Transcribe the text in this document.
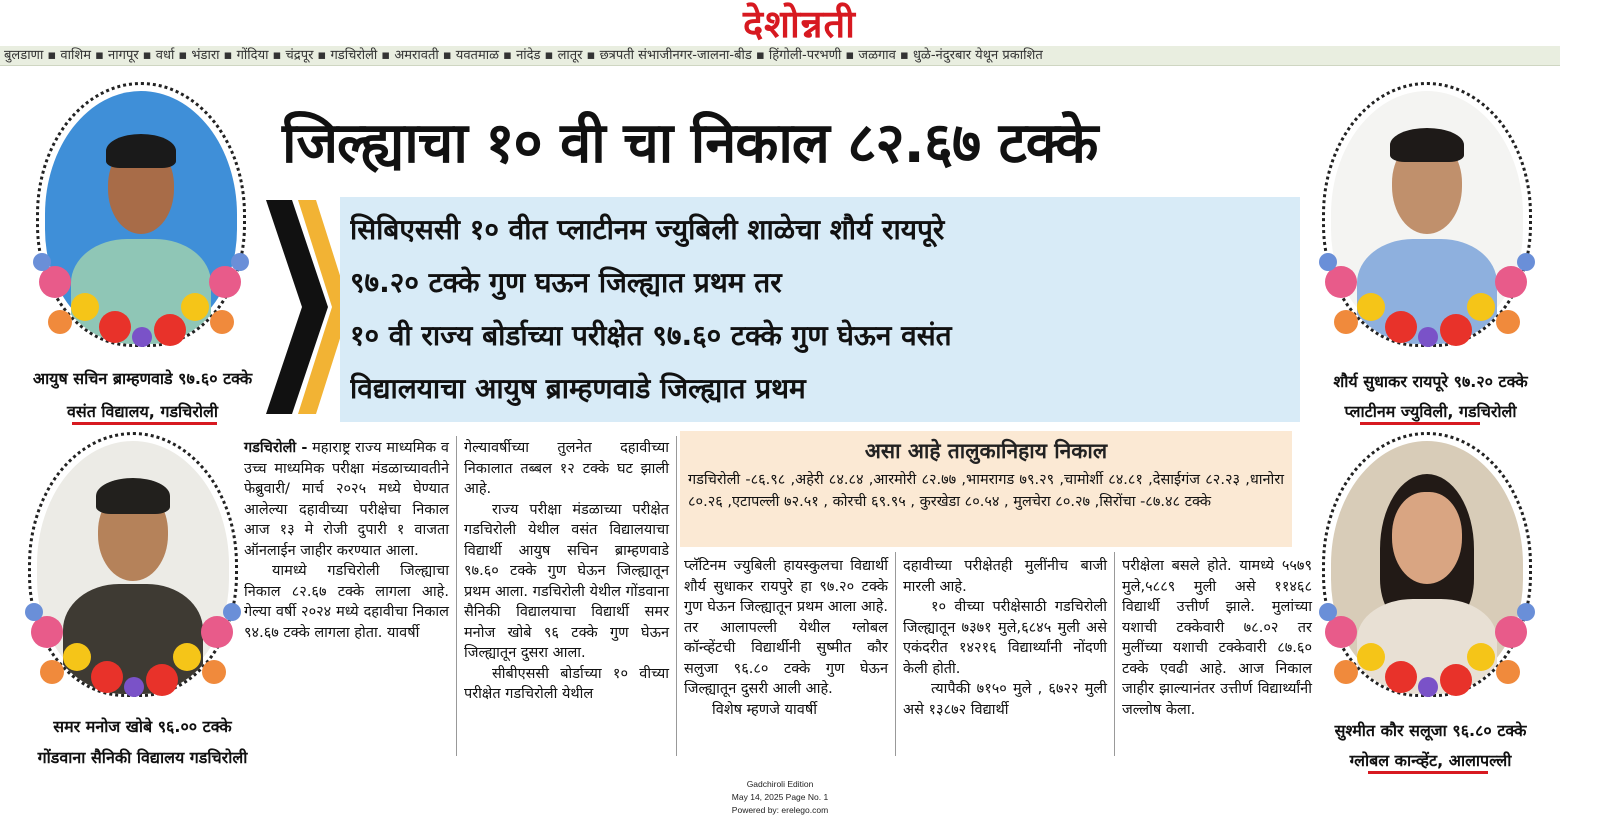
देशोन्नती
बुलडाणा ▪ वाशिम ▪ नागपूर ▪ वर्धा ▪ भंडारा ▪ गोंदिया ▪ चंद्रपूर ▪ गडचिरोली ▪ अमरावती ▪ यवतमाळ ▪ नांदेड ▪ लातूर ▪ छत्रपती संभाजीनगर-जालना-बीड ▪ हिंगोली-परभणी ▪ जळगाव ▪ धुळे-नंदुरबार येथून प्रकाशित
जिल्ह्याचा १० वी चा निकाल ८२.६७ टक्के
सिबिएससी १० वीत प्लाटीनम ज्युबिली शाळेचा शौर्य रायपूरे
९७.२० टक्के गुण घऊन जिल्ह्यात प्रथम तर
१० वी राज्य बोर्डाच्या परीक्षेत ९७.६० टक्के गुण घेऊन वसंत
विद्यालयाचा आयुष ब्राम्हणवाडे जिल्ह्यात प्रथम
आयुष सचिन ब्राम्हणवाडे ९७.६० टक्के
वसंत विद्यालय, गडचिरोली
समर मनोज खोबे ९६.०० टक्के
गोंडवाना सैनिकी विद्यालय गडचिरोली
शौर्य सुधाकर रायपूरे ९७.२० टक्के
प्लाटीनम ज्युविली, गडचिरोली
सुश्मीत कौर सलूजा ९६.८० टक्के
ग्लोबल कान्व्हेंट, आलापल्ली

गडचिरोली - महाराष्ट्र राज्य माध्यमिक व उच्च माध्यमिक परीक्षा मंडळाच्यावतीने फेब्रुवारी/ मार्च २०२५ मध्ये घेण्यात आलेल्या दहावीच्या परीक्षेचा निकाल आज १३ मे रोजी दुपारी १ वाजता ऑनलाईन जाहीर करण्यात आला.

यामध्ये गडचिरोली जिल्ह्याचा निकाल ८२.६७ टक्के लागला आहे. गेल्या वर्षी २०२४ मध्ये दहावीचा निकाल ९४.६७ टक्के लागला होता. यावर्षी

गेल्यावर्षीच्या तुलनेत दहावीच्या निकालात तब्बल १२ टक्के घट झाली आहे.

राज्य परीक्षा मंडळाच्या परीक्षेत गडचिरोली येथील वसंत विद्यालयाचा विद्यार्थी आयुष सचिन ब्राम्हणवाडे ९७.६० टक्के गुण घेऊन जिल्ह्यातून प्रथम आला. गडचिरोली येथील गोंडवाना सैनिकी विद्यालयाचा विद्यार्थी समर मनोज खोबे ९६ टक्के गुण घेऊन जिल्ह्यातून दुसरा आला.

सीबीएससी बोर्डाच्या १० वीच्या परीक्षेत गडचिरोली येथील

प्लॅटिनम ज्युबिली हायस्कुलचा विद्यार्थी शौर्य सुधाकर रायपुरे हा ९७.२० टक्के गुण घेऊन जिल्ह्यातून प्रथम आला आहे. तर आलापल्ली येथील ग्लोबल कॉन्व्हेंटची विद्यार्थीनी सुष्मीत कौर सलुजा ९६.८० टक्के गुण घेऊन जिल्ह्यातून दुसरी आली आहे.

विशेष म्हणजे यावर्षी

दहावीच्या परीक्षेतही मुलींनीच बाजी मारली आहे.

१० वीच्या परीक्षेसाठी गडचिरोली जिल्ह्यातून ७३७१ मुले,६८४५ मुली असे एकंदरीत १४२१६ विद्यार्थ्यांनी नोंदणी केली होती.

त्यापैकी ७१५० मुले , ६७२२ मुली असे १३८७२ विद्यार्थी

परीक्षेला बसले होते. यामध्ये ५५७९ मुले,५८८९ मुली असे ११४६८ विद्यार्थी उत्तीर्ण झाले. मुलांच्या यशाची टक्केवारी ७८.०२ तर मुलींच्या यशाची टक्केवारी ८७.६० टक्के एवढी आहे. आज निकाल जाहीर झाल्यानंतर उत्तीर्ण विद्यार्थ्यांनी जल्लोष केला.

असा आहे तालुकानिहाय निकाल
गडचिरोली -८६.९८ ,अहेरी ८४.८४ ,आरमोरी ८२.७७ ,भामरागड ७९.२९ ,चामोर्शी ८४.८१ ,देसाईगंज ८२.२३ ,धानोरा ८०.२६ ,एटापल्ली ७२.५१ , कोरची ६९.९५ , कुरखेडा ८०.५४ , मुलचेरा ८०.२७ ,सिरोंचा -८७.४८ टक्के
Gadchiroli Edition
May 14, 2025 Page No. 1
Powered by: erelego.com
